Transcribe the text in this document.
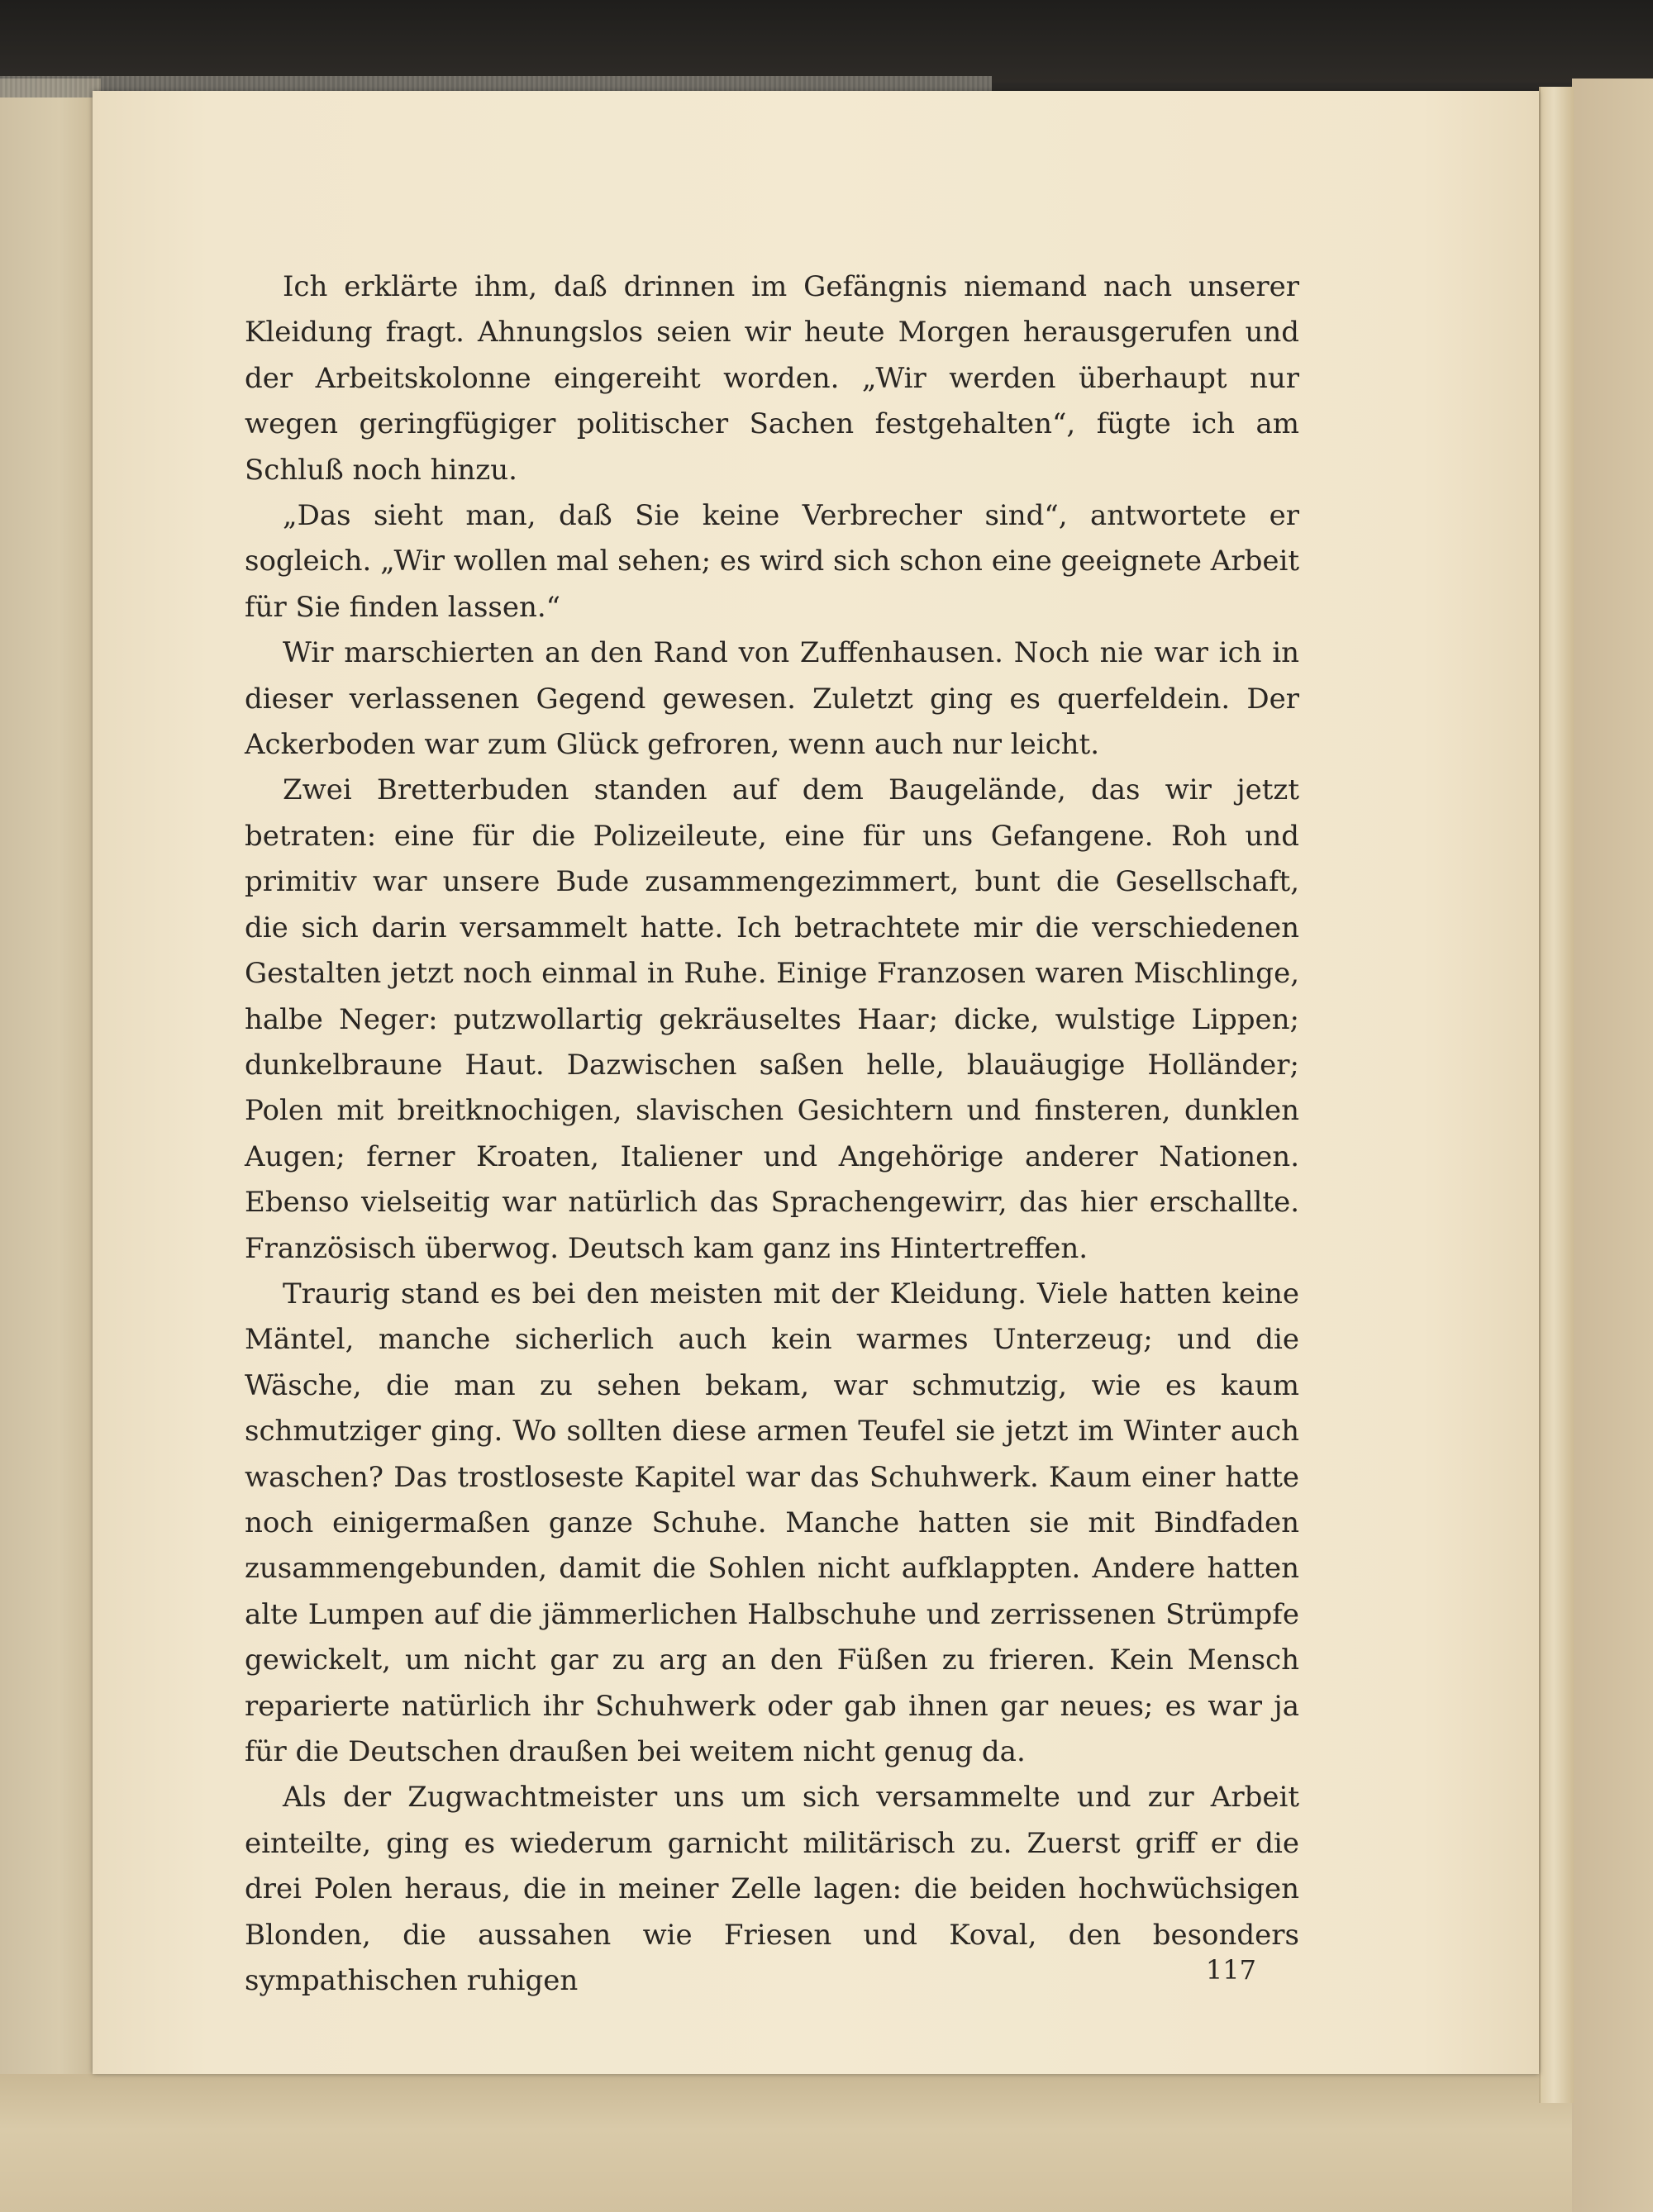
Ich erklärte ihm, daß drinnen im Gefängnis niemand nach unserer Kleidung fragt. Ahnungslos seien wir heute Morgen herausgerufen und der Arbeitskolonne eingereiht worden. „Wir werden überhaupt nur wegen geringfügiger politischer Sachen festgehalten“, fügte ich am Schluß noch hinzu.

„Das sieht man, daß Sie keine Verbrecher sind“, antwortete er sogleich. „Wir wollen mal sehen; es wird sich schon eine geeignete Arbeit für Sie finden lassen.“

Wir marschierten an den Rand von Zuffenhausen. Noch nie war ich in dieser verlassenen Gegend gewesen. Zuletzt ging es querfeldein. Der Ackerboden war zum Glück gefroren, wenn auch nur leicht.

Zwei Bretterbuden standen auf dem Baugelände, das wir jetzt betraten: eine für die Polizeileute, eine für uns Gefangene. Roh und primitiv war unsere Bude zusammengezimmert, bunt die Gesellschaft, die sich darin versammelt hatte. Ich betrachtete mir die verschiedenen Gestalten jetzt noch einmal in Ruhe. Einige Franzosen waren Mischlinge, halbe Neger: putzwollartig gekräuseltes Haar; dicke, wulstige Lippen; dunkelbraune Haut. Dazwischen saßen helle, blauäugige Holländer; Polen mit breitknochigen, slavischen Gesichtern und finsteren, dunklen Augen; ferner Kroaten, Italiener und Angehörige anderer Nationen. Ebenso vielseitig war natürlich das Sprachengewirr, das hier erschallte. Französisch überwog. Deutsch kam ganz ins Hintertreffen.

Traurig stand es bei den meisten mit der Kleidung. Viele hatten keine Mäntel, manche sicherlich auch kein warmes Unterzeug; und die Wäsche, die man zu sehen bekam, war schmutzig, wie es kaum schmutziger ging. Wo sollten diese armen Teufel sie jetzt im Winter auch waschen? Das trostloseste Kapitel war das Schuhwerk. Kaum einer hatte noch einigermaßen ganze Schuhe. Manche hatten sie mit Bindfaden zusammengebunden, damit die Sohlen nicht aufklappten. Andere hatten alte Lumpen auf die jämmerlichen Halbschuhe und zerrissenen Strümpfe gewickelt, um nicht gar zu arg an den Füßen zu frieren. Kein Mensch reparierte natürlich ihr Schuhwerk oder gab ihnen gar neues; es war ja für die Deutschen draußen bei weitem nicht genug da.

Als der Zugwachtmeister uns um sich versammelte und zur Arbeit einteilte, ging es wiederum garnicht militärisch zu. Zuerst griff er die drei Polen heraus, die in meiner Zelle lagen: die beiden hochwüchsigen Blonden, die aussahen wie Friesen und Koval, den besonders sympathischen ruhigen	117
